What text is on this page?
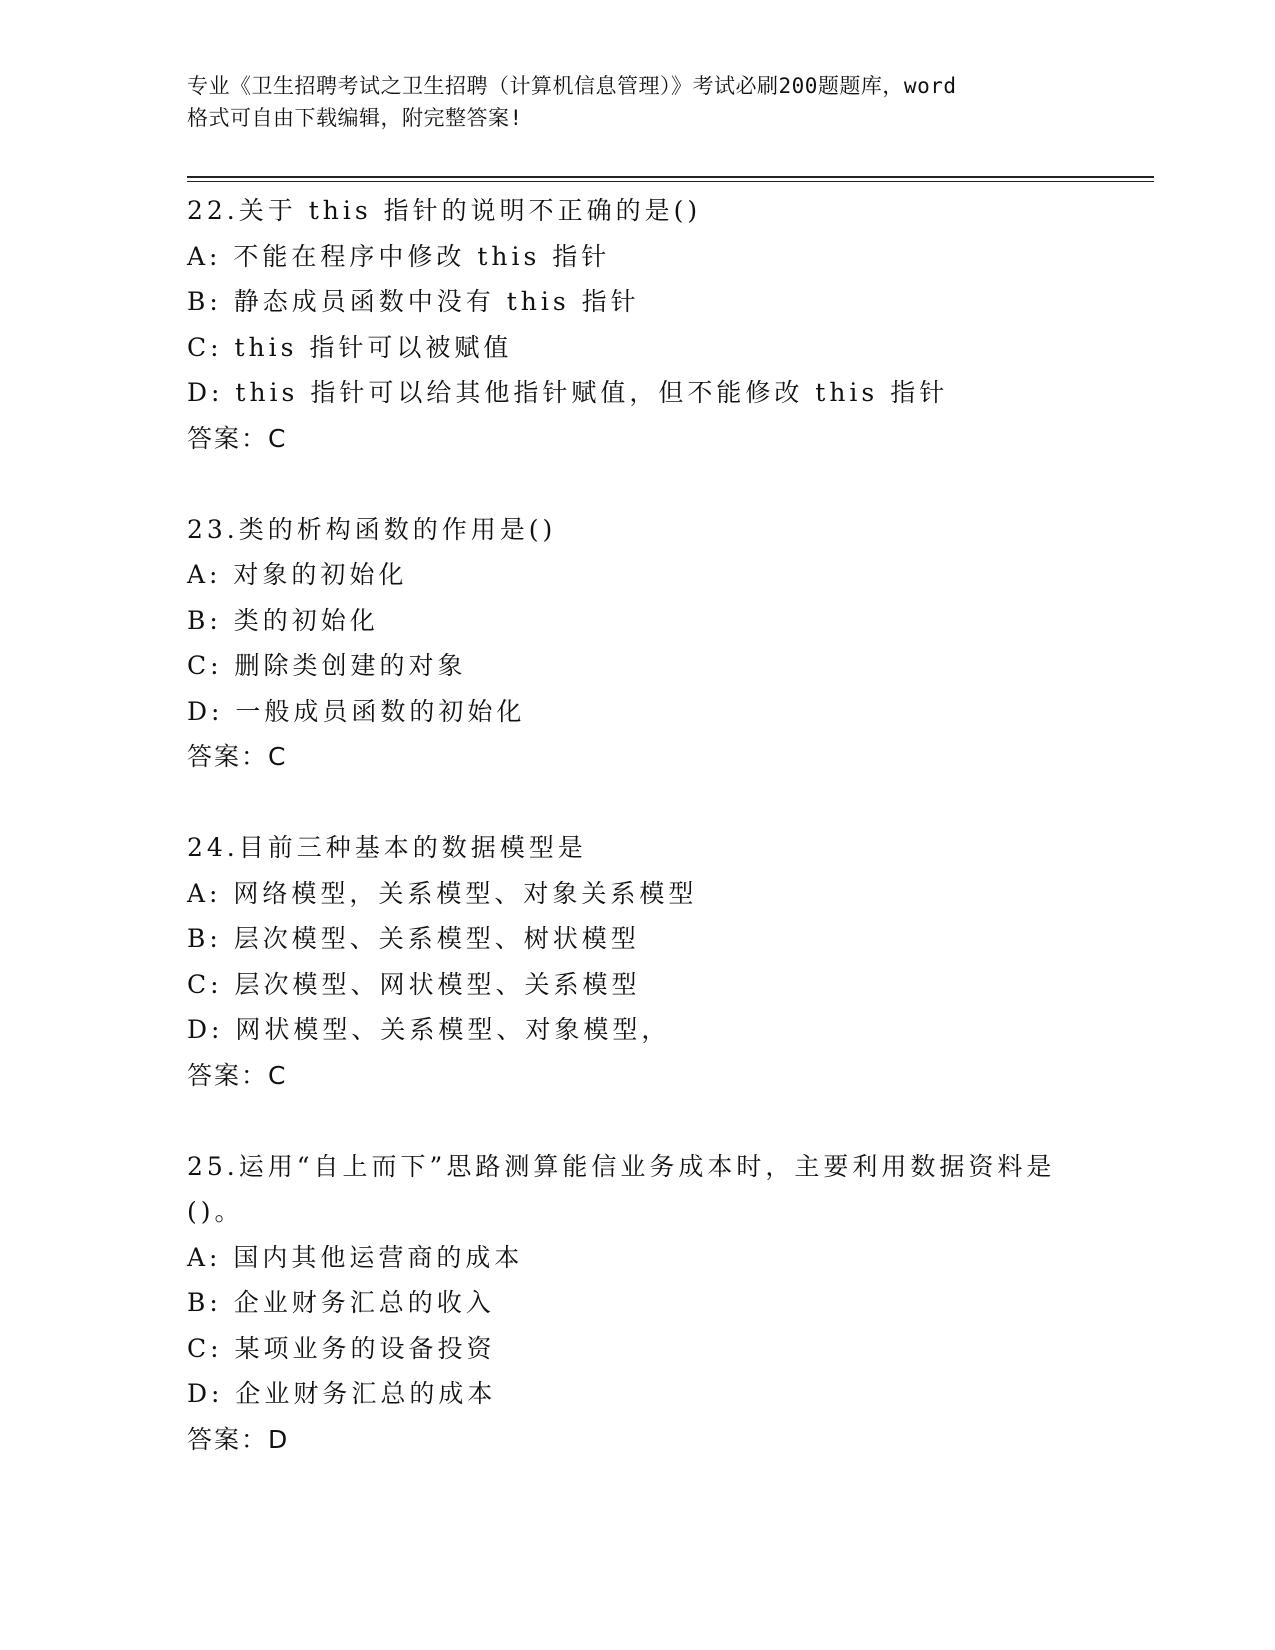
专业《卫生招聘考试之卫生招聘（计算机信息管理）》考试必刷200题题库，word
格式可自由下载编辑，附完整答案!
22.关于 this 指针的说明不正确的是()
A: 不能在程序中修改 this 指针
B: 静态成员函数中没有 this 指针
C: this 指针可以被赋值
D: this 指针可以给其他指针赋值，但不能修改 this 指针
答案：C
23.类的析构函数的作用是()
A: 对象的初始化
B: 类的初始化
C: 删除类创建的对象
D: 一般成员函数的初始化
答案：C
24.目前三种基本的数据模型是
A: 网络模型，关系模型、对象关系模型
B: 层次模型、关系模型、树状模型
C: 层次模型、网状模型、关系模型
D: 网状模型、关系模型、对象模型，
答案：C
25.运用“自上而下”思路测算能信业务成本时，主要利用数据资料是()。
A: 国内其他运营商的成本
B: 企业财务汇总的收入
C: 某项业务的设备投资
D: 企业财务汇总的成本
答案：D
